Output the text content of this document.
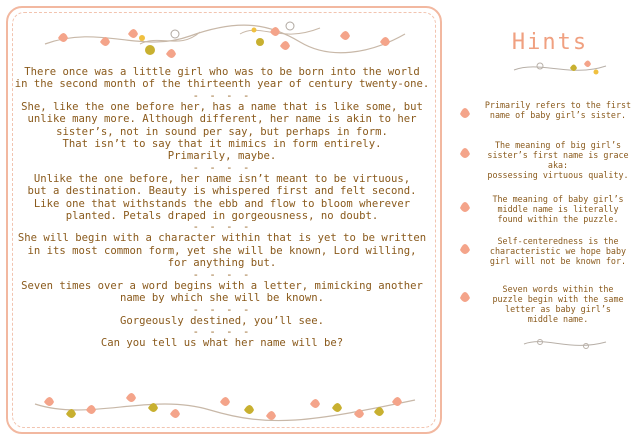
There once was a little girl who was to be born into the world
in the second month of the thirteenth year of century twenty-one.

- - - -

She, like the one before her, has a name that is like some, but
unlike many more. Although different, her name is akin to her
sister’s, not in sound per say, but perhaps in form.
That isn’t to say that it mimics in form entirely.
Primarily, maybe.

- - - -

Unlike the one before, her name isn’t meant to be virtuous,
but a destination. Beauty is whispered first and felt second.
Like one that withstands the ebb and flow to bloom wherever
planted. Petals draped in gorgeousness, no doubt.

- - - -

She will begin with a character within that is yet to be written
in its most common form, yet she will be known, Lord willing,
for anything but.

- - - -

Seven times over a word begins with a letter, mimicking another
name by which she will be known.

- - - -

Gorgeously destined, you’ll see.

- - - -

Can you tell us what her name will be?

Hints
Primarily refers to the first
name of baby girl’s sister.
The meaning of big girl’s
sister’s first name is grace
aka:
possessing virtuous quality.
The meaning of baby girl’s
middle name is literally
found within the puzzle.
Self-centeredness is the
characteristic we hope baby
girl will not be known for.
Seven words within the
puzzle begin with the same
letter as baby girl’s
middle name.
